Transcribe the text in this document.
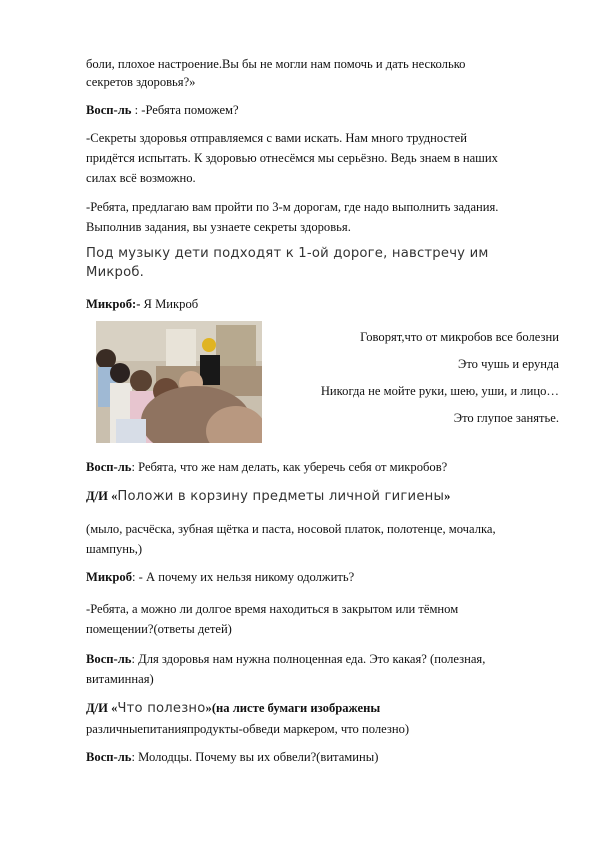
боли, плохое настроение.Вы бы не могли нам помочь и дать несколько
секретов здоровья?»
Восп-ль : -Ребята поможем?

-Секреты здоровья отправляемся с вами искать. Нам много трудностей

придётся испытать. К здоровью отнесёмся мы серьёзно. Ведь знаем в наших

силах всё возможно.

-Ребята, предлагаю вам пройти по 3-м дорогам, где надо выполнить задания.

Выполнив задания, вы узнаете секреты здоровья.

Под музыку дети подходят к 1-ой дороге, навстречу им

Микроб.

Микроб:- Я Микроб
Говорят,что от микробов все болезни
Это чушь и ерунда
Никогда не мойте руки, шею, уши, и лицо…
Это глупое занятье.
Восп-ль: Ребята, что же нам делать, как уберечь себя от микробов?
Д/И «Положи в корзину предметы личной гигиены»

(мыло, расчёска, зубная щётка и паста, носовой платок, полотенце, мочалка,

шампунь,)

Микроб: - А почему их нельзя никому одолжить?

-Ребята, а можно ли долгое время находиться в закрытом или тёмном

помещении?(ответы детей)

Восп-ль: Для здоровья нам нужна полноценная еда. Это какая? (полезная,

витаминная)

Д/И «Что полезно»(на листе бумаги изображены

различныепитанияпродукты-обведи маркером, что полезно)

Восп-ль: Молодцы. Почему вы их обвели?(витамины)
